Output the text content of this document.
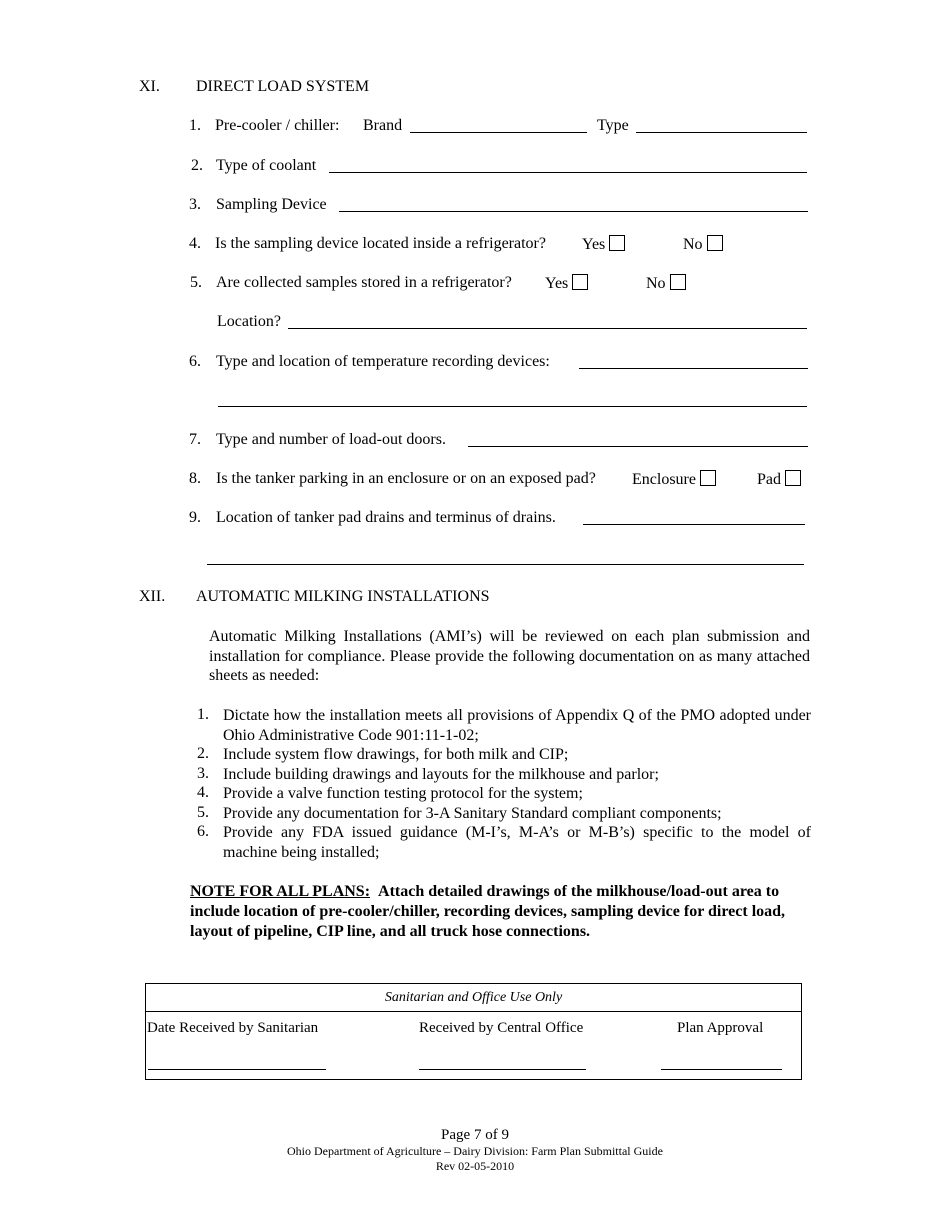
XI. DIRECT LOAD SYSTEM
1. Pre-cooler / chiller: Brand	Type
2. Type of coolant
3. Sampling Device
4. Is the sampling device located inside a refrigerator? Yes	No
5. Are collected samples stored in a refrigerator? Yes	No
Location?
6. Type and location of temperature recording devices:
7. Type and number of load-out doors.
8. Is the tanker parking in an enclosure or on an exposed pad? Enclosure	Pad
9. Location of tanker pad drains and terminus of drains.
XII. AUTOMATIC MILKING INSTALLATIONS
Automatic Milking Installations (AMI’s) will be reviewed on each plan submission and installation for compliance. Please provide the following documentation on as many attached sheets as needed:
1. Dictate how the installation meets all provisions of Appendix Q of the PMO adopted under Ohio Administrative Code 901:11-1-02;
2. Include system flow drawings, for both milk and CIP;
3. Include building drawings and layouts for the milkhouse and parlor;
4. Provide a valve function testing protocol for the system;
5. Provide any documentation for 3-A Sanitary Standard compliant components;
6. Provide any FDA issued guidance (M-I’s, M-A’s or M-B’s) specific to the model of machine being installed;
NOTE FOR ALL PLANS: Attach detailed drawings of the milkhouse/load-out area to include location of pre-cooler/chiller, recording devices, sampling device for direct load, layout of pipeline, CIP line, and all truck hose connections.
Sanitarian and Office Use Only
Date Received by Sanitarian	Received by Central Office	Plan Approval
Page 7 of 9
Ohio Department of Agriculture – Dairy Division: Farm Plan Submittal Guide
Rev 02-05-2010
